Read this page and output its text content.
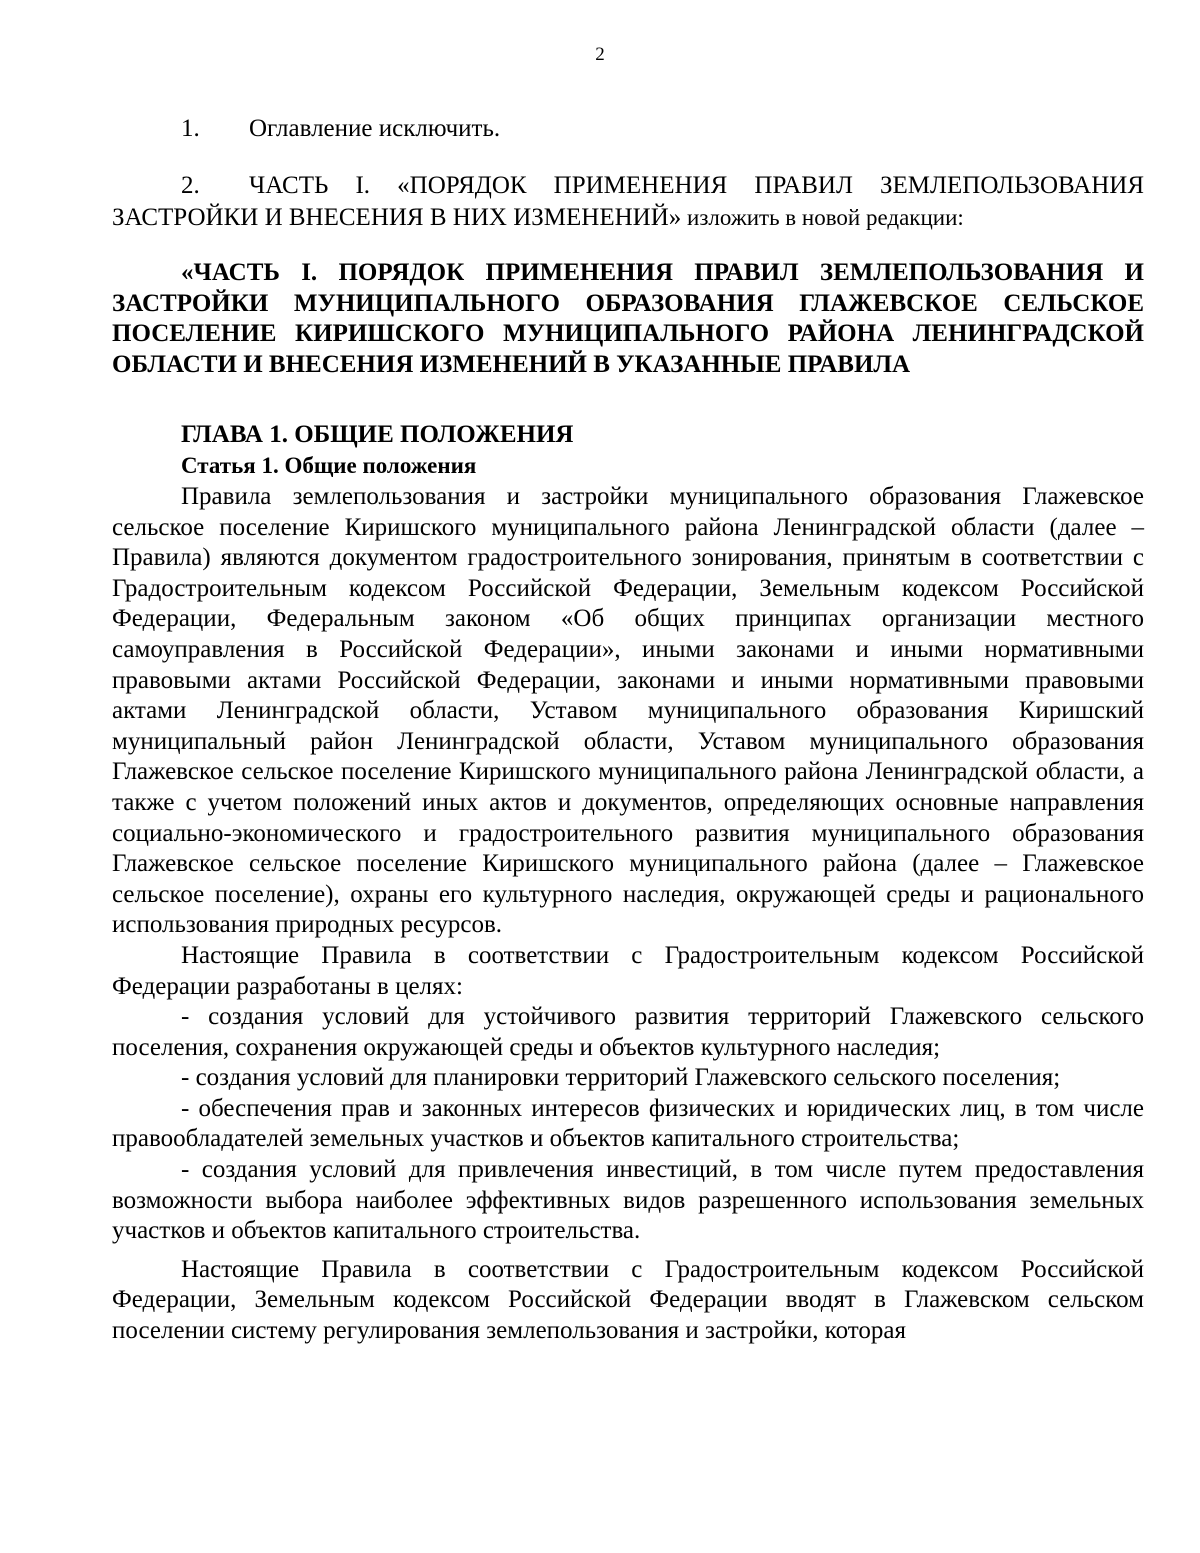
2
1.	Оглавление исключить.
2.	ЧАСТЬ I. «ПОРЯДОК ПРИМЕНЕНИЯ ПРАВИЛ ЗЕМЛЕПОЛЬЗОВАНИЯ ЗАСТРОЙКИ И ВНЕСЕНИЯ В НИХ ИЗМЕНЕНИЙ» изложить в новой редакции:
«ЧАСТЬ I. ПОРЯДОК ПРИМЕНЕНИЯ ПРАВИЛ ЗЕМЛЕПОЛЬЗОВАНИЯ И ЗАСТРОЙКИ МУНИЦИПАЛЬНОГО ОБРАЗОВАНИЯ ГЛАЖЕВСКОЕ СЕЛЬСКОЕ ПОСЕЛЕНИЕ КИРИШСКОГО МУНИЦИПАЛЬНОГО РАЙОНА ЛЕНИНГРАДСКОЙ ОБЛАСТИ И ВНЕСЕНИЯ ИЗМЕНЕНИЙ В УКАЗАННЫЕ ПРАВИЛА
ГЛАВА 1. ОБЩИЕ ПОЛОЖЕНИЯ
Статья 1. Общие положения

Правила землепользования и застройки муниципального образования Глажевское сельское поселение Киришского муниципального района Ленинградской области (далее – Правила) являются документом градостроительного зонирования, принятым в соответствии с Градостроительным кодексом Российской Федерации, Земельным кодексом Российской Федерации, Федеральным законом «Об общих принципах организации местного самоуправления в Российской Федерации», иными законами и иными нормативными правовыми актами Российской Федерации, законами и иными нормативными правовыми актами Ленинградской области, Уставом муниципального образования Киришский муниципальный район Ленинградской области, Уставом муниципального образования Глажевское сельское поселение Киришского муниципального района Ленинградской области, а также с учетом положений иных актов и документов, определяющих основные направления социально-экономического и градостроительного развития муниципального образования Глажевское сельское поселение Киришского муниципального района (далее – Глажевское сельское поселение), охраны его культурного наследия, окружающей среды и рационального использования природных ресурсов.

Настоящие Правила в соответствии с Градостроительным кодексом Российской Федерации разработаны в целях:

- создания условий для устойчивого развития территорий Глажевского сельского поселения, сохранения окружающей среды и объектов культурного наследия;

- создания условий для планировки территорий Глажевского сельского поселения;

- обеспечения прав и законных интересов физических и юридических лиц, в том числе правообладателей земельных участков и объектов капитального строительства;

- создания условий для привлечения инвестиций, в том числе путем предоставления возможности выбора наиболее эффективных видов разрешенного использования земельных участков и объектов капитального строительства.

Настоящие Правила в соответствии с Градостроительным кодексом Российской Федерации, Земельным кодексом Российской Федерации вводят в Глажевском сельском поселении систему регулирования землепользования и застройки, которая
